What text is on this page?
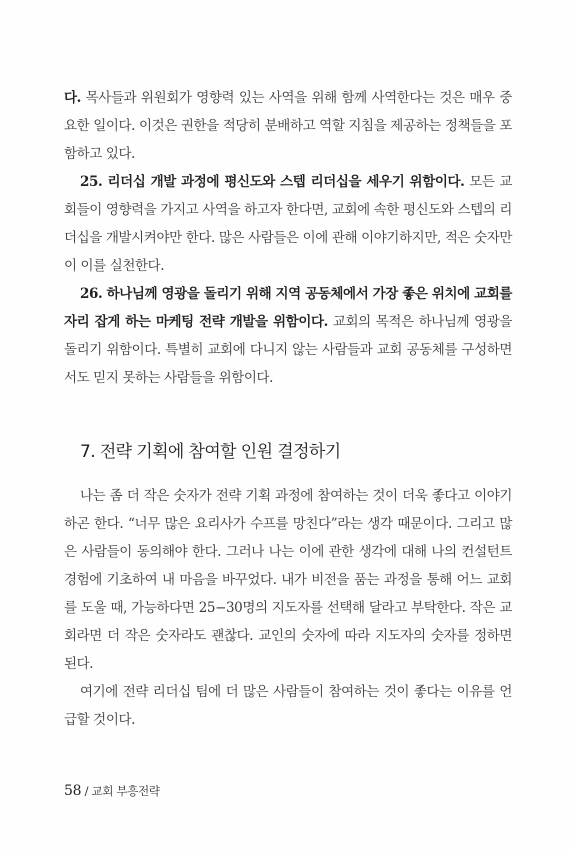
다. 목사들과 위원회가 영향력 있는 사역을 위해 함께 사역한다는 것은 매우 중요한 일이다. 이것은 권한을 적당히 분배하고 역할 지침을 제공하는 정책들을 포함하고 있다.

25. 리더십 개발 과정에 평신도와 스텝 리더십을 세우기 위함이다. 모든 교회들이 영향력을 가지고 사역을 하고자 한다면, 교회에 속한 평신도와 스텝의 리더십을 개발시켜야만 한다. 많은 사람들은 이에 관해 이야기하지만, 적은 숫자만이 이를 실천한다.

26. 하나님께 영광을 돌리기 위해 지역 공동체에서 가장 좋은 위치에 교회를 자리 잡게 하는 마케팅 전략 개발을 위함이다. 교회의 목적은 하나님께 영광을 돌리기 위함이다. 특별히 교회에 다니지 않는 사람들과 교회 공동체를 구성하면서도 믿지 못하는 사람들을 위함이다.

7. 전략 기획에 참여할 인원 결정하기

나는 좀 더 작은 숫자가 전략 기획 과정에 참여하는 것이 더욱 좋다고 이야기하곤 한다. “너무 많은 요리사가 수프를 망친다”라는 생각 때문이다. 그리고 많은 사람들이 동의해야 한다. 그러나 나는 이에 관한 생각에 대해 나의 컨설턴트 경험에 기초하여 내 마음을 바꾸었다. 내가 비전을 품는 과정을 통해 어느 교회를 도울 때, 가능하다면 25−30명의 지도자를 선택해 달라고 부탁한다. 작은 교회라면 더 작은 숫자라도 괜찮다. 교인의 숫자에 따라 지도자의 숫자를 정하면 된다.

여기에 전략 리더십 팀에 더 많은 사람들이 참여하는 것이 좋다는 이유를 언급할 것이다.

58 / 교회 부흥전략
